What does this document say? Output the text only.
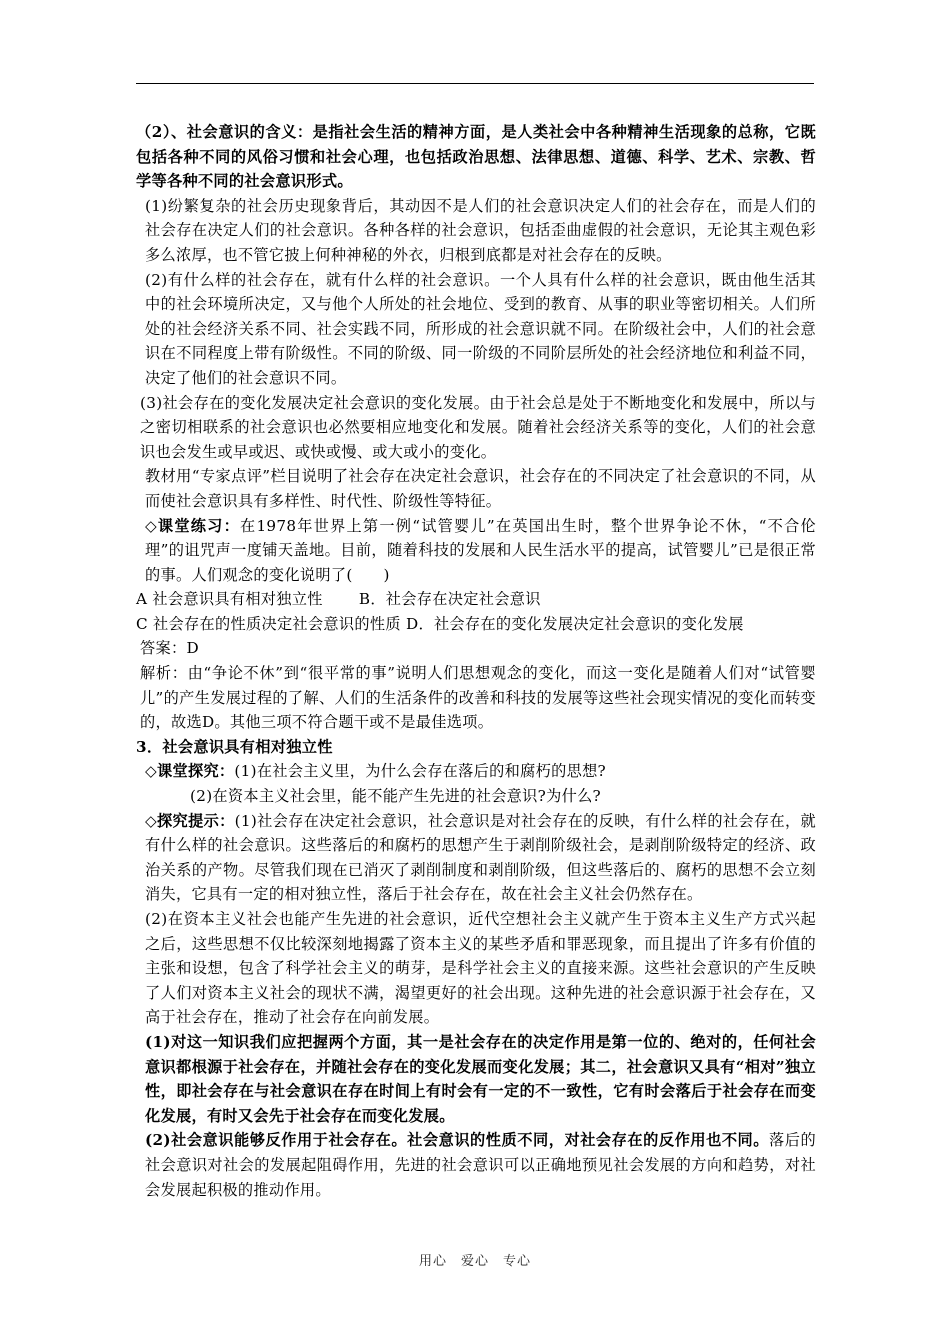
（2）、社会意识的含义：是指社会生活的精神方面，是人类社会中各种精神生活现象的总称，它既包括各种不同的风俗习惯和社会心理，也包括政治思想、法律思想、道德、科学、艺术、宗教、哲学等各种不同的社会意识形式。

(1)纷繁复杂的社会历史现象背后，其动因不是人们的社会意识决定人们的社会存在，而是人们的社会存在决定人们的社会意识。各种各样的社会意识，包括歪曲虚假的社会意识，无论其主观色彩多么浓厚，也不管它披上何种神秘的外衣，归根到底都是对社会存在的反映。

(2)有什么样的社会存在，就有什么样的社会意识。一个人具有什么样的社会意识，既由他生活其中的社会环境所决定，又与他个人所处的社会地位、受到的教育、从事的职业等密切相关。人们所处的社会经济关系不同、社会实践不同，所形成的社会意识就不同。在阶级社会中，人们的社会意识在不同程度上带有阶级性。不同的阶级、同一阶级的不同阶层所处的社会经济地位和利益不同，决定了他们的社会意识不同。

(3)社会存在的变化发展决定社会意识的变化发展。由于社会总是处于不断地变化和发展中，所以与之密切相联系的社会意识也必然要相应地变化和发展。随着社会经济关系等的变化，人们的社会意识也会发生或早或迟、或快或慢、或大或小的变化。

教材用“专家点评”栏目说明了社会存在决定社会意识，社会存在的不同决定了社会意识的不同，从而使社会意识具有多样性、时代性、阶级性等特征。

◇课堂练习：在1978年世界上第一例“试管婴儿”在英国出生时，整个世界争论不休，“不合伦理”的诅咒声一度铺天盖地。目前，随着科技的发展和人民生活水平的提高，试管婴儿”已是很正常的事。人们观念的变化说明了(　　)

A 社会意识具有相对独立性　　 B．社会存在决定社会意识

C 社会存在的性质决定社会意识的性质 D．社会存在的变化发展决定社会意识的变化发展

答案：D

解析：由“争论不休”到“很平常的事”说明人们思想观念的变化，而这一变化是随着人们对“试管婴儿”的产生发展过程的了解、人们的生活条件的改善和科技的发展等这些社会现实情况的变化而转变的，故选D。其他三项不符合题干或不是最佳选项。

3．社会意识具有相对独立性

◇课堂探究：(1)在社会主义里，为什么会存在落后的和腐朽的思想?

(2)在资本主义社会里，能不能产生先进的社会意识?为什么?

◇探究提示：(1)社会存在决定社会意识，社会意识是对社会存在的反映，有什么样的社会存在，就有什么样的社会意识。这些落后的和腐朽的思想产生于剥削阶级社会，是剥削阶级特定的经济、政治关系的产物。尽管我们现在已消灭了剥削制度和剥削阶级，但这些落后的、腐朽的思想不会立刻消失，它具有一定的相对独立性，落后于社会存在，故在社会主义社会仍然存在。

(2)在资本主义社会也能产生先进的社会意识，近代空想社会主义就产生于资本主义生产方式兴起之后，这些思想不仅比较深刻地揭露了资本主义的某些矛盾和罪恶现象，而且提出了许多有价值的主张和设想，包含了科学社会主义的萌芽，是科学社会主义的直接来源。这些社会意识的产生反映了人们对资本主义社会的现状不满，渴望更好的社会出现。这种先进的社会意识源于社会存在，又高于社会存在，推动了社会存在向前发展。

(1)对这一知识我们应把握两个方面，其一是社会存在的决定作用是第一位的、绝对的，任何社会意识都根源于社会存在，并随社会存在的变化发展而变化发展；其二，社会意识又具有“相对”独立性，即社会存在与社会意识在存在时间上有时会有一定的不一致性，它有时会落后于社会存在而变化发展，有时又会先于社会存在而变化发展。

(2)社会意识能够反作用于社会存在。社会意识的性质不同，对社会存在的反作用也不同。落后的社会意识对社会的发展起阻碍作用，先进的社会意识可以正确地预见社会发展的方向和趋势，对社会发展起积极的推动作用。

用心　爱心　专心
